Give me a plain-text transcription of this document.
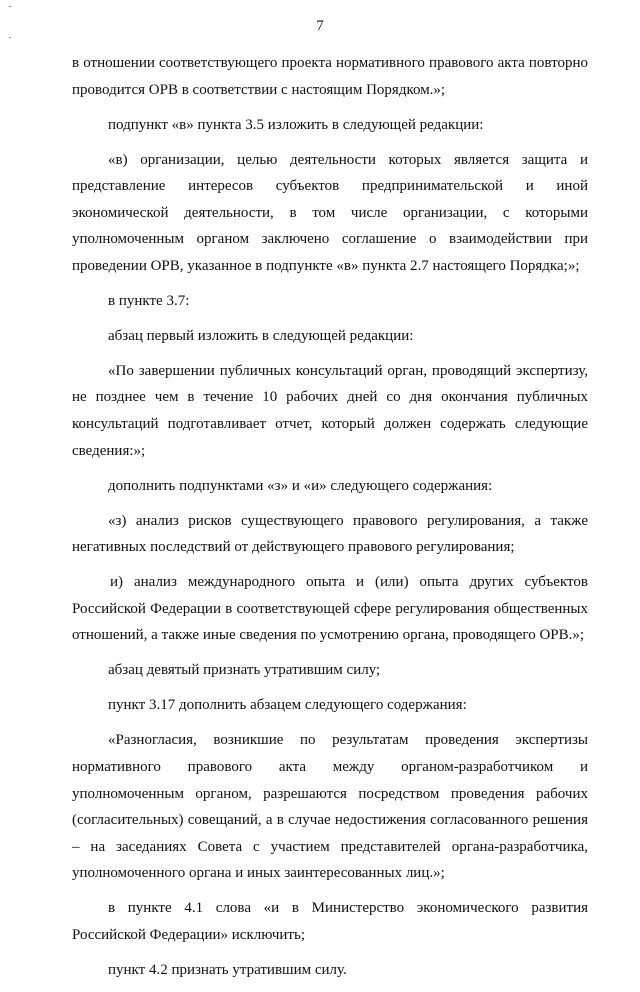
7

в отношении соответствующего проекта нормативного правового акта повторно проводится ОРВ в соответствии с настоящим Порядком.»;

подпункт «в» пункта 3.5 изложить в следующей редакции:

«в) организации, целью деятельности которых является защита и представление интересов субъектов предпринимательской и иной экономической деятельности, в том числе организации, с которыми уполномоченным органом заключено соглашение о взаимодействии при проведении ОРВ, указанное в подпункте «в» пункта 2.7 настоящего Порядка;»;

в пункте 3.7:

абзац первый изложить в следующей редакции:

«По завершении публичных консультаций орган, проводящий экспертизу, не позднее чем в течение 10 рабочих дней со дня окончания публичных консультаций подготавливает отчет, который должен содержать следующие сведения:»;

дополнить подпунктами «з» и «и» следующего содержания:

«з) анализ рисков существующего правового регулирования, а также негативных последствий от действующего правового регулирования;

и) анализ международного опыта и (или) опыта других субъектов Российской Федерации в соответствующей сфере регулирования общественных отношений, а также иные сведения по усмотрению органа, проводящего ОРВ.»;

абзац девятый признать утратившим силу;

пункт 3.17 дополнить абзацем следующего содержания:

«Разногласия, возникшие по результатам проведения экспертизы нормативного правового акта между органом-разработчиком и уполномоченным органом, разрешаются посредством проведения рабочих (согласительных) совещаний, а в случае недостижения согласованного решения – на заседаниях Совета с участием представителей органа-разработчика, уполномоченного органа и иных заинтересованных лиц.»;

в пункте 4.1 слова «и в Министерство экономического развития Российской Федерации» исключить;

пункт 4.2 признать утратившим силу.
